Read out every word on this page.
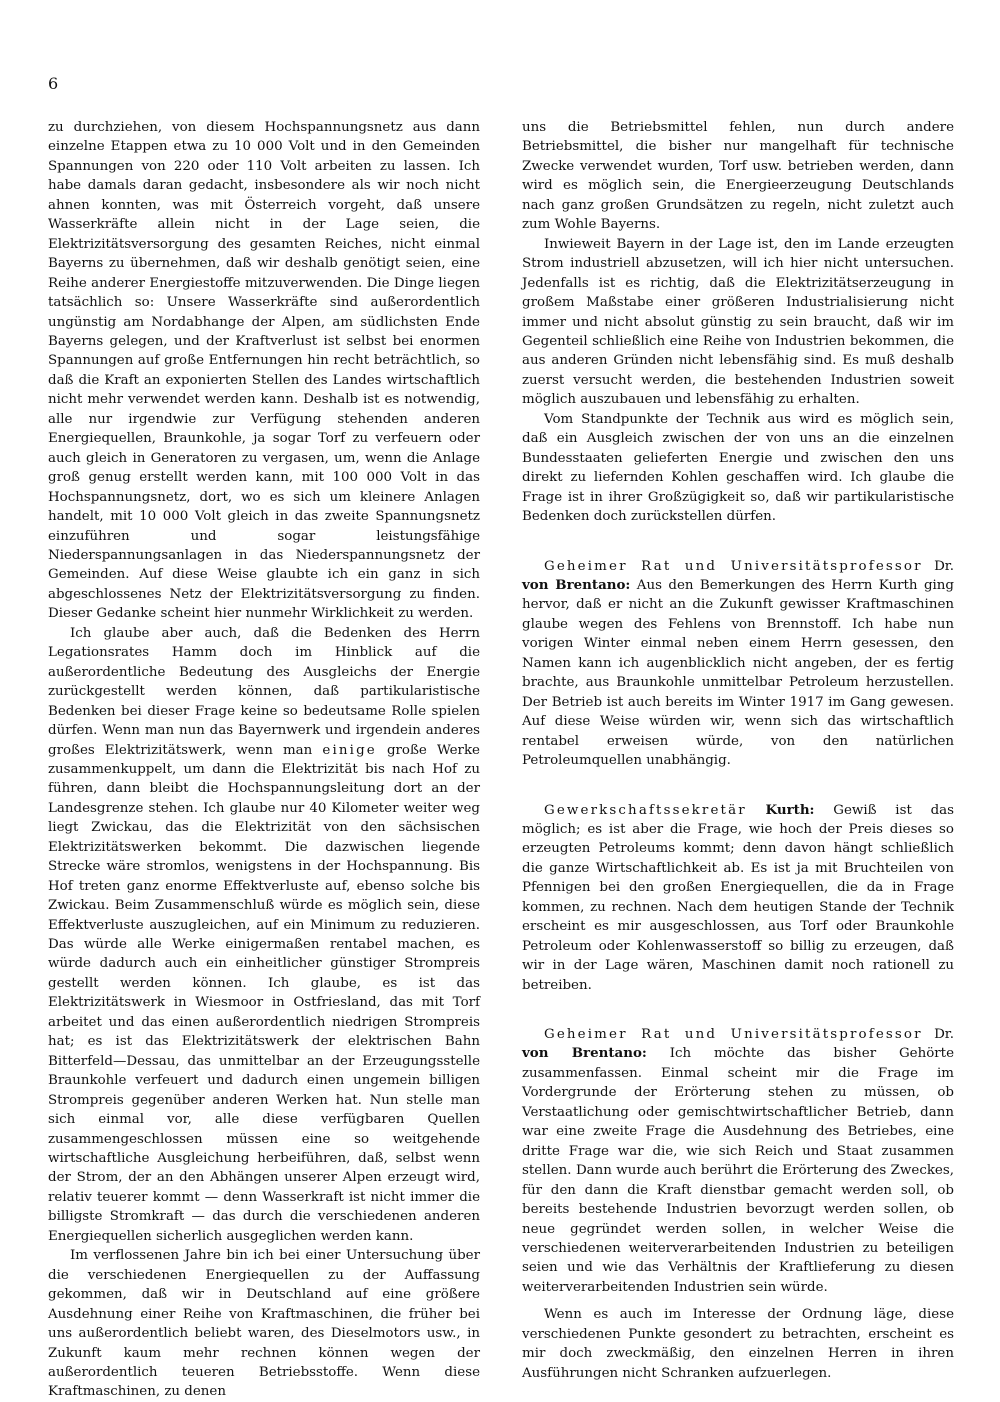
6

zu durchziehen, von diesem Hochspannungsnetz aus dann einzelne Etappen etwa zu 10 000 Volt und in den Gemeinden Spannungen von 220 oder 110 Volt arbeiten zu lassen. Ich habe damals daran gedacht, insbesondere als wir noch nicht ahnen konnten, was mit Österreich vorgeht, daß unsere Wasserkräfte allein nicht in der Lage seien, die Elektrizitätsversorgung des gesamten Reiches, nicht einmal Bayerns zu übernehmen, daß wir deshalb genötigt seien, eine Reihe anderer Energiestoffe mitzuverwenden. Die Dinge liegen tatsächlich so: Unsere Wasserkräfte sind außerordentlich ungünstig am Nordabhange der Alpen, am südlichsten Ende Bayerns gelegen, und der Kraftverlust ist selbst bei enormen Spannungen auf große Entfernungen hin recht beträchtlich, so daß die Kraft an exponierten Stellen des Landes wirtschaftlich nicht mehr verwendet werden kann. Deshalb ist es notwendig, alle nur irgendwie zur Verfügung stehenden anderen Energiequellen, Braunkohle, ja sogar Torf zu verfeuern oder auch gleich in Generatoren zu vergasen, um, wenn die Anlage groß genug erstellt werden kann, mit 100 000 Volt in das Hochspannungsnetz, dort, wo es sich um kleinere Anlagen handelt, mit 10 000 Volt gleich in das zweite Spannungsnetz einzuführen und sogar leistungsfähige Niederspannungsanlagen in das Niederspannungsnetz der Gemeinden. Auf diese Weise glaubte ich ein ganz in sich abgeschlossenes Netz der Elektrizitätsversorgung zu finden. Dieser Gedanke scheint hier nunmehr Wirklichkeit zu werden.

Ich glaube aber auch, daß die Bedenken des Herrn Legationsrates Hamm doch im Hinblick auf die außerordentliche Bedeutung des Ausgleichs der Energie zurückgestellt werden können, daß partikularistische Bedenken bei dieser Frage keine so bedeutsame Rolle spielen dürfen. Wenn man nun das Bayernwerk und irgendein anderes großes Elektrizitätswerk, wenn man einige große Werke zusammenkuppelt, um dann die Elektrizität bis nach Hof zu führen, dann bleibt die Hochspannungsleitung dort an der Landesgrenze stehen. Ich glaube nur 40 Kilometer weiter weg liegt Zwickau, das die Elektrizität von den sächsischen Elektrizitätswerken bekommt. Die dazwischen liegende Strecke wäre stromlos, wenigstens in der Hochspannung. Bis Hof treten ganz enorme Effektverluste auf, ebenso solche bis Zwickau. Beim Zusammenschluß würde es möglich sein, diese Effektverluste auszugleichen, auf ein Minimum zu reduzieren. Das würde alle Werke einigermaßen rentabel machen, es würde dadurch auch ein einheitlicher günstiger Strompreis gestellt werden können. Ich glaube, es ist das Elektrizitätswerk in Wiesmoor in Ostfriesland, das mit Torf arbeitet und das einen außerordentlich niedrigen Strompreis hat; es ist das Elektrizitätswerk der elektrischen Bahn Bitterfeld—Dessau, das unmittelbar an der Erzeugungsstelle Braunkohle verfeuert und dadurch einen ungemein billigen Strompreis gegenüber anderen Werken hat. Nun stelle man sich einmal vor, alle diese verfügbaren Quellen zusammengeschlossen müssen eine so weitgehende wirtschaftliche Ausgleichung herbeiführen, daß, selbst wenn der Strom, der an den Abhängen unserer Alpen erzeugt wird, relativ teuerer kommt — denn Wasserkraft ist nicht immer die billigste Stromkraft — das durch die verschiedenen anderen Energiequellen sicherlich ausgeglichen werden kann.

Im verflossenen Jahre bin ich bei einer Untersuchung über die verschiedenen Energiequellen zu der Auffassung gekommen, daß wir in Deutschland auf eine größere Ausdehnung einer Reihe von Kraftmaschinen, die früher bei uns außerordentlich beliebt waren, des Dieselmotors usw., in Zukunft kaum mehr rechnen können wegen der außerordentlich teueren Betriebsstoffe. Wenn diese Kraftmaschinen, zu denen

uns die Betriebsmittel fehlen, nun durch andere Betriebsmittel, die bisher nur mangelhaft für technische Zwecke verwendet wurden, Torf usw. betrieben werden, dann wird es möglich sein, die Energieerzeugung Deutschlands nach ganz großen Grundsätzen zu regeln, nicht zuletzt auch zum Wohle Bayerns.

Inwieweit Bayern in der Lage ist, den im Lande erzeugten Strom industriell abzusetzen, will ich hier nicht untersuchen. Jedenfalls ist es richtig, daß die Elektrizitätserzeugung in großem Maßstabe einer größeren Industrialisierung nicht immer und nicht absolut günstig zu sein braucht, daß wir im Gegenteil schließlich eine Reihe von Industrien bekommen, die aus anderen Gründen nicht lebensfähig sind. Es muß deshalb zuerst versucht werden, die bestehenden Industrien soweit möglich auszubauen und lebensfähig zu erhalten.

Vom Standpunkte der Technik aus wird es möglich sein, daß ein Ausgleich zwischen der von uns an die einzelnen Bundesstaaten gelieferten Energie und zwischen den uns direkt zu liefernden Kohlen geschaffen wird. Ich glaube die Frage ist in ihrer Großzügigkeit so, daß wir partikularistische Bedenken doch zurückstellen dürfen.

Geheimer Rat und Universitätsprofessor Dr. von Brentano: Aus den Bemerkungen des Herrn Kurth ging hervor, daß er nicht an die Zukunft gewisser Kraftmaschinen glaube wegen des Fehlens von Brennstoff. Ich habe nun vorigen Winter einmal neben einem Herrn gesessen, den Namen kann ich augenblicklich nicht angeben, der es fertig brachte, aus Braunkohle unmittelbar Petroleum herzustellen. Der Betrieb ist auch bereits im Winter 1917 im Gang gewesen. Auf diese Weise würden wir, wenn sich das wirtschaftlich rentabel erweisen würde, von den natürlichen Petroleumquellen unabhängig.

Gewerkschaftssekretär Kurth: Gewiß ist das möglich; es ist aber die Frage, wie hoch der Preis dieses so erzeugten Petroleums kommt; denn davon hängt schließlich die ganze Wirtschaftlichkeit ab. Es ist ja mit Bruchteilen von Pfennigen bei den großen Energiequellen, die da in Frage kommen, zu rechnen. Nach dem heutigen Stande der Technik erscheint es mir ausgeschlossen, aus Torf oder Braunkohle Petroleum oder Kohlenwasserstoff so billig zu erzeugen, daß wir in der Lage wären, Maschinen damit noch rationell zu betreiben.

Geheimer Rat und Universitätsprofessor Dr. von Brentano: Ich möchte das bisher Gehörte zusammenfassen. Einmal scheint mir die Frage im Vordergrunde der Erörterung stehen zu müssen, ob Verstaatlichung oder gemischtwirtschaftlicher Betrieb, dann war eine zweite Frage die Ausdehnung des Betriebes, eine dritte Frage war die, wie sich Reich und Staat zusammen stellen. Dann wurde auch berührt die Erörterung des Zweckes, für den dann die Kraft dienstbar gemacht werden soll, ob bereits bestehende Industrien bevorzugt werden sollen, ob neue gegründet werden sollen, in welcher Weise die verschiedenen weiterverarbeitenden Industrien zu beteiligen seien und wie das Verhältnis der Kraftlieferung zu diesen weiterverarbeitenden Industrien sein würde.

Wenn es auch im Interesse der Ordnung läge, diese verschiedenen Punkte gesondert zu betrachten, erscheint es mir doch zweckmäßig, den einzelnen Herren in ihren Ausführungen nicht Schranken aufzuerlegen.
